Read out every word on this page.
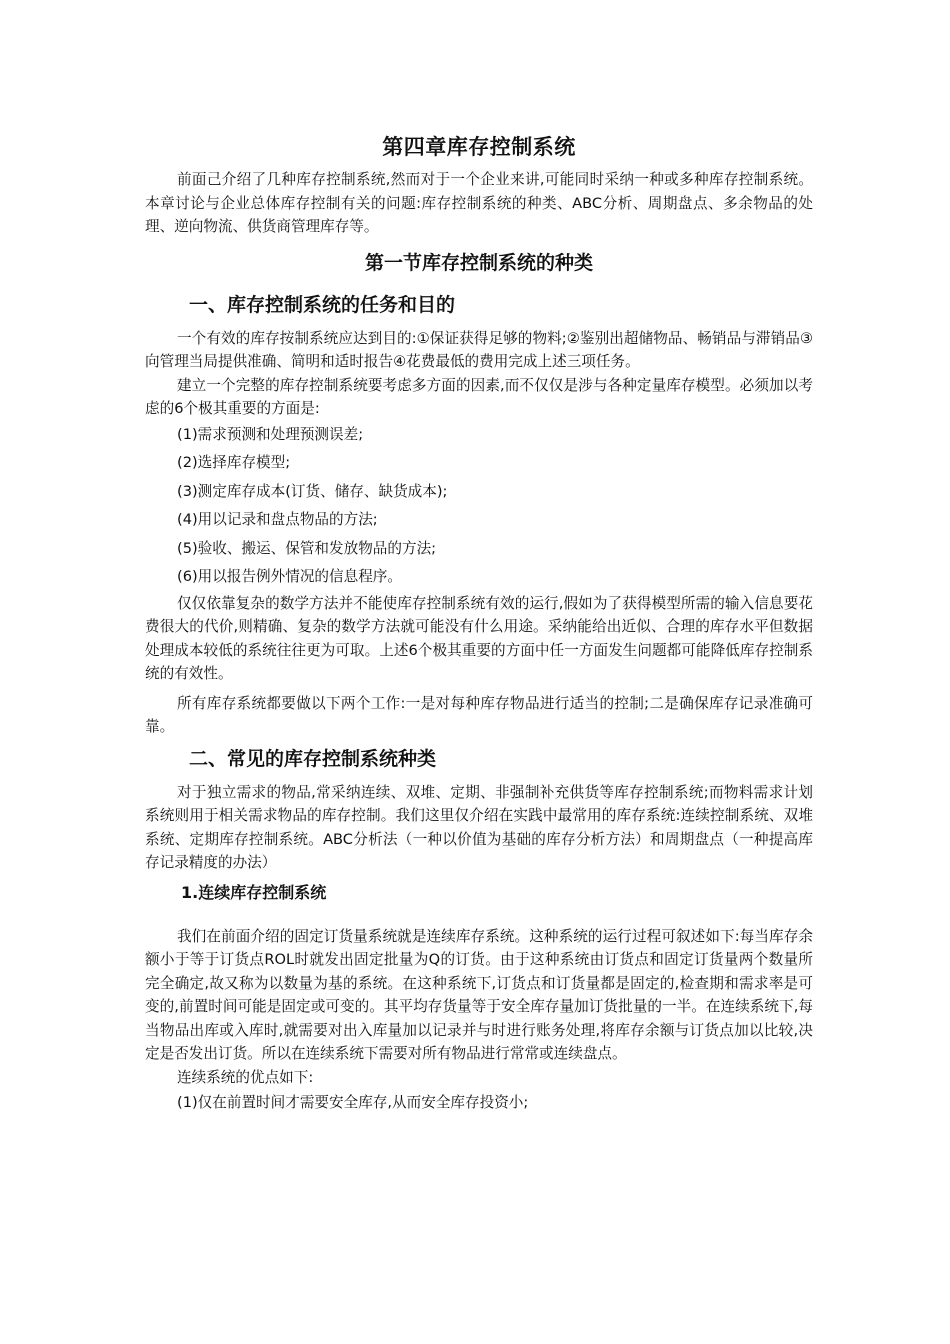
第四章库存控制系统

前面己介绍了几种库存控制系统,然而对于一个企业来讲,可能同时采纳一种或多种库存控制系统。本章讨论与企业总体库存控制有关的问题:库存控制系统的种类、ABC分析、周期盘点、多余物品的处理、逆向物流、供货商管理库存等。

第一节库存控制系统的种类
一、库存控制系统的任务和目的

一个有效的库存按制系统应达到目的:①保证获得足够的物料;②鉴别出超储物品、畅销品与滞销品③向管理当局提供准确、简明和适时报告④花费最低的费用完成上述三项任务。

建立一个完整的库存控制系统要考虑多方面的因素,而不仅仅是涉与各种定量库存模型。必须加以考虑的6个极其重要的方面是:

(1)需求预测和处理预测误差;

(2)选择库存模型;

(3)测定库存成本(订货、储存、缺货成本);

(4)用以记录和盘点物品的方法;

(5)验收、搬运、保管和发放物品的方法;

(6)用以报告例外情况的信息程序。

仅仅依靠复杂的数学方法并不能使库存控制系统有效的运行,假如为了获得模型所需的输入信息要花费很大的代价,则精确、复杂的数学方法就可能没有什么用途。采纳能给出近似、合理的库存水平但数据处理成本较低的系统往往更为可取。上述6个极其重要的方面中任一方面发生问题都可能降低库存控制系统的有效性。

所有库存系统都要做以下两个工作:一是对每种库存物品进行适当的控制;二是确保库存记录准确可靠。

二、常见的库存控制系统种类

对于独立需求的物品,常采纳连续、双堆、定期、非强制补充供货等库存控制系统;而物料需求计划系统则用于相关需求物品的库存控制。我们这里仅介绍在实践中最常用的库存系统:连续控制系统、双堆系统、定期库存控制系统。ABC分析法（一种以价值为基础的库存分析方法）和周期盘点（一种提高库存记录精度的办法）

1.连续库存控制系统

我们在前面介绍的固定订货量系统就是连续库存系统。这种系统的运行过程可叙述如下:每当库存余额小于等于订货点ROL时就发出固定批量为Q的订货。由于这种系统由订货点和固定订货量两个数量所完全确定,故又称为以数量为基的系统。在这种系统下,订货点和订货量都是固定的,检查期和需求率是可变的,前置时间可能是固定或可变的。其平均存货量等于安全库存量加订货批量的一半。在连续系统下,每当物品出库或入库时,就需要对出入库量加以记录并与时进行账务处理,将库存余额与订货点加以比较,决定是否发出订货。所以在连续系统下需要对所有物品进行常常或连续盘点。

连续系统的优点如下:

(1)仅在前置时间才需要安全库存,从而安全库存投资小;
